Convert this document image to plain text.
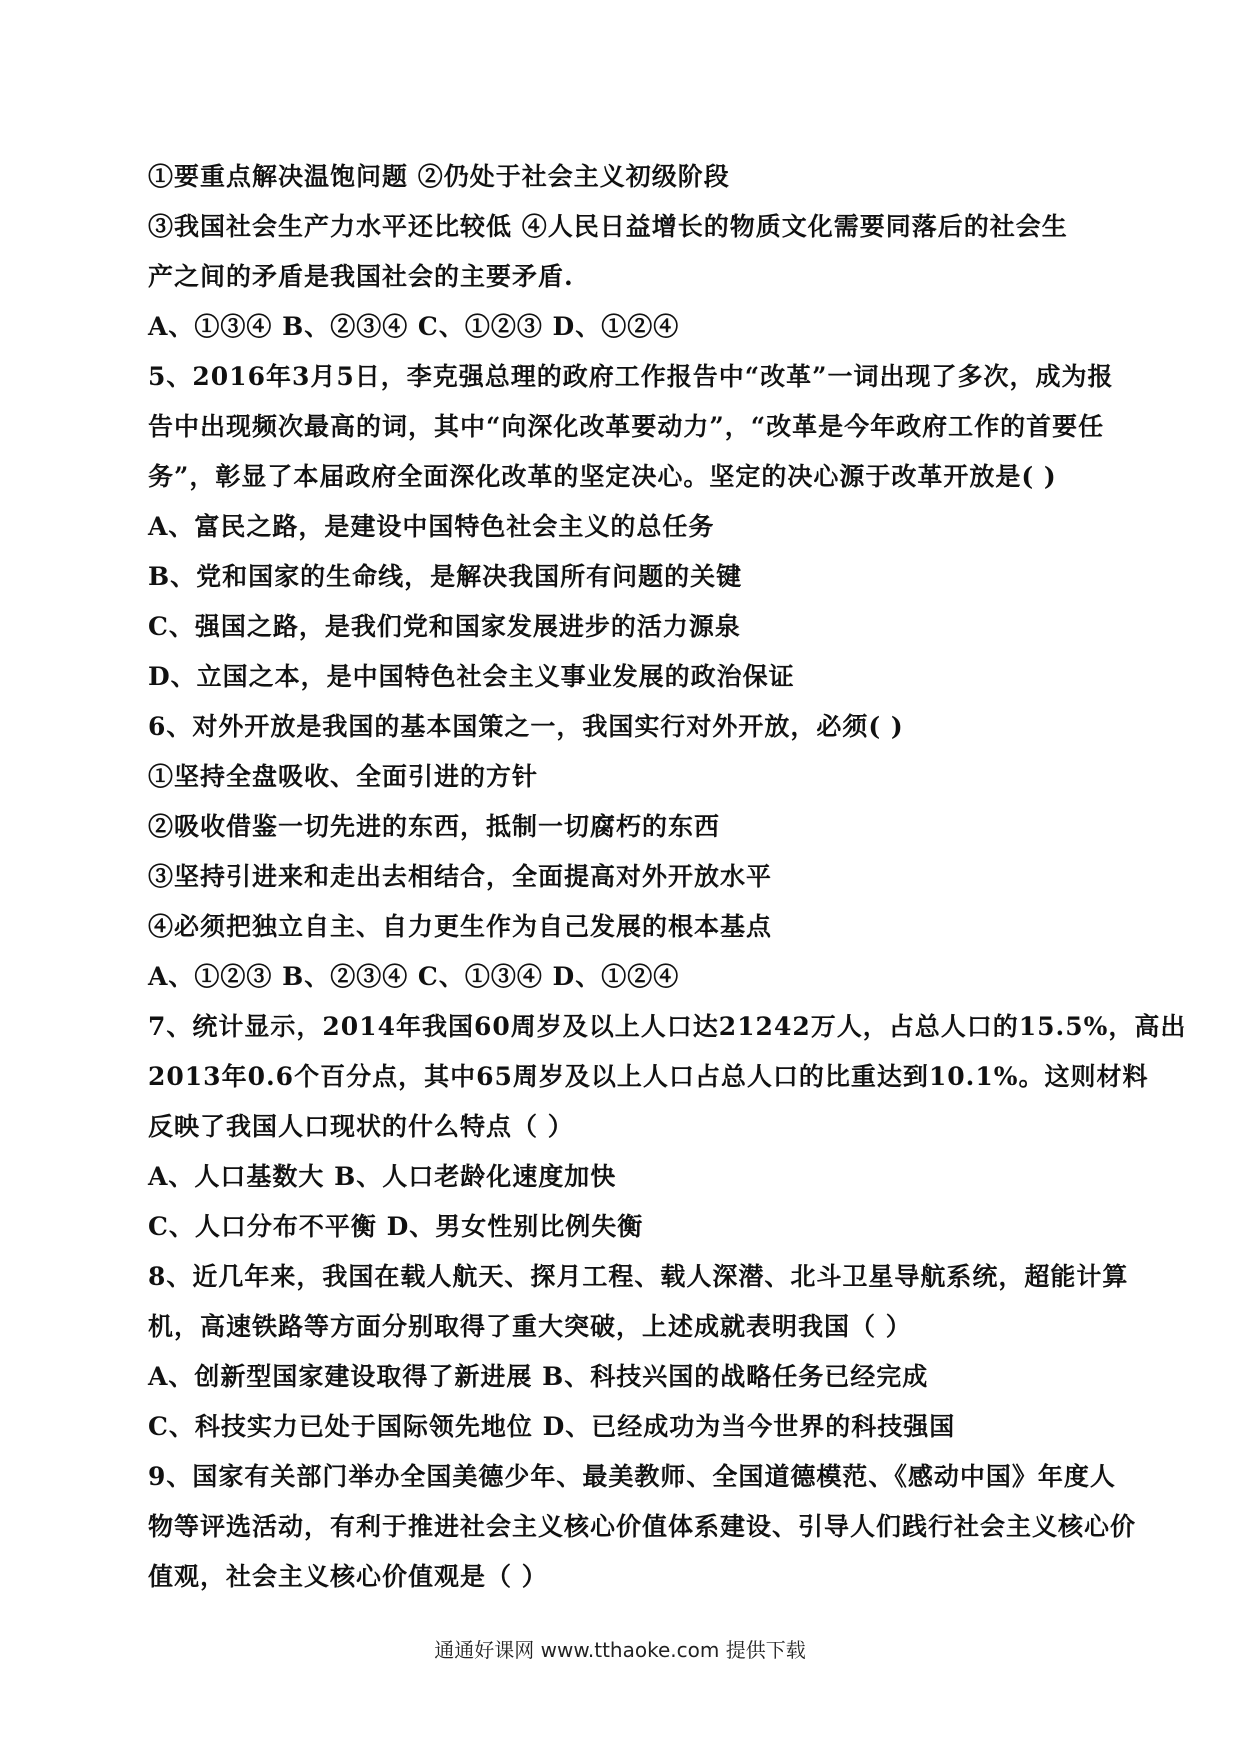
①要重点解决温饱问题 ②仍处于社会主义初级阶段
③我国社会生产力水平还比较低 ④人民日益增长的物质文化需要同落后的社会生
产之间的矛盾是我国社会的主要矛盾.
A、①③④ B、②③④ C、①②③ D、①②④
5、2016年3月5日，李克强总理的政府工作报告中“改革”一词出现了多次，成为报
告中出现频次最高的词，其中“向深化改革要动力”，“改革是今年政府工作的首要任
务”，彰显了本届政府全面深化改革的坚定决心。坚定的决心源于改革开放是( )
A、富民之路，是建设中国特色社会主义的总任务
B、党和国家的生命线，是解决我国所有问题的关键
C、强国之路，是我们党和国家发展进步的活力源泉
D、立国之本，是中国特色社会主义事业发展的政治保证
6、对外开放是我国的基本国策之一，我国实行对外开放，必须( )
①坚持全盘吸收、全面引进的方针
②吸收借鉴一切先进的东西，抵制一切腐朽的东西
③坚持引进来和走出去相结合，全面提高对外开放水平
④必须把独立自主、自力更生作为自己发展的根本基点
A、①②③ B、②③④ C、①③④ D、①②④
7、统计显示，2014年我国60周岁及以上人口达21242万人，占总人口的15.5%，高出
2013年0.6个百分点，其中65周岁及以上人口占总人口的比重达到10.1%。这则材料
反映了我国人口现状的什么特点（ ）
A、人口基数大 B、人口老龄化速度加快
C、人口分布不平衡 D、男女性别比例失衡
8、近几年来，我国在载人航天、探月工程、载人深潜、北斗卫星导航系统，超能计算
机，高速铁路等方面分别取得了重大突破，上述成就表明我国（ ）
A、创新型国家建设取得了新进展 B、科技兴国的战略任务已经完成
C、科技实力已处于国际领先地位 D、已经成功为当今世界的科技强国
9、国家有关部门举办全国美德少年、最美教师、全国道德模范、《感动中国》年度人
物等评选活动，有利于推进社会主义核心价值体系建设、引导人们践行社会主义核心价
值观，社会主义核心价值观是（ ）
通通好课网 www.tthaoke.com 提供下载
